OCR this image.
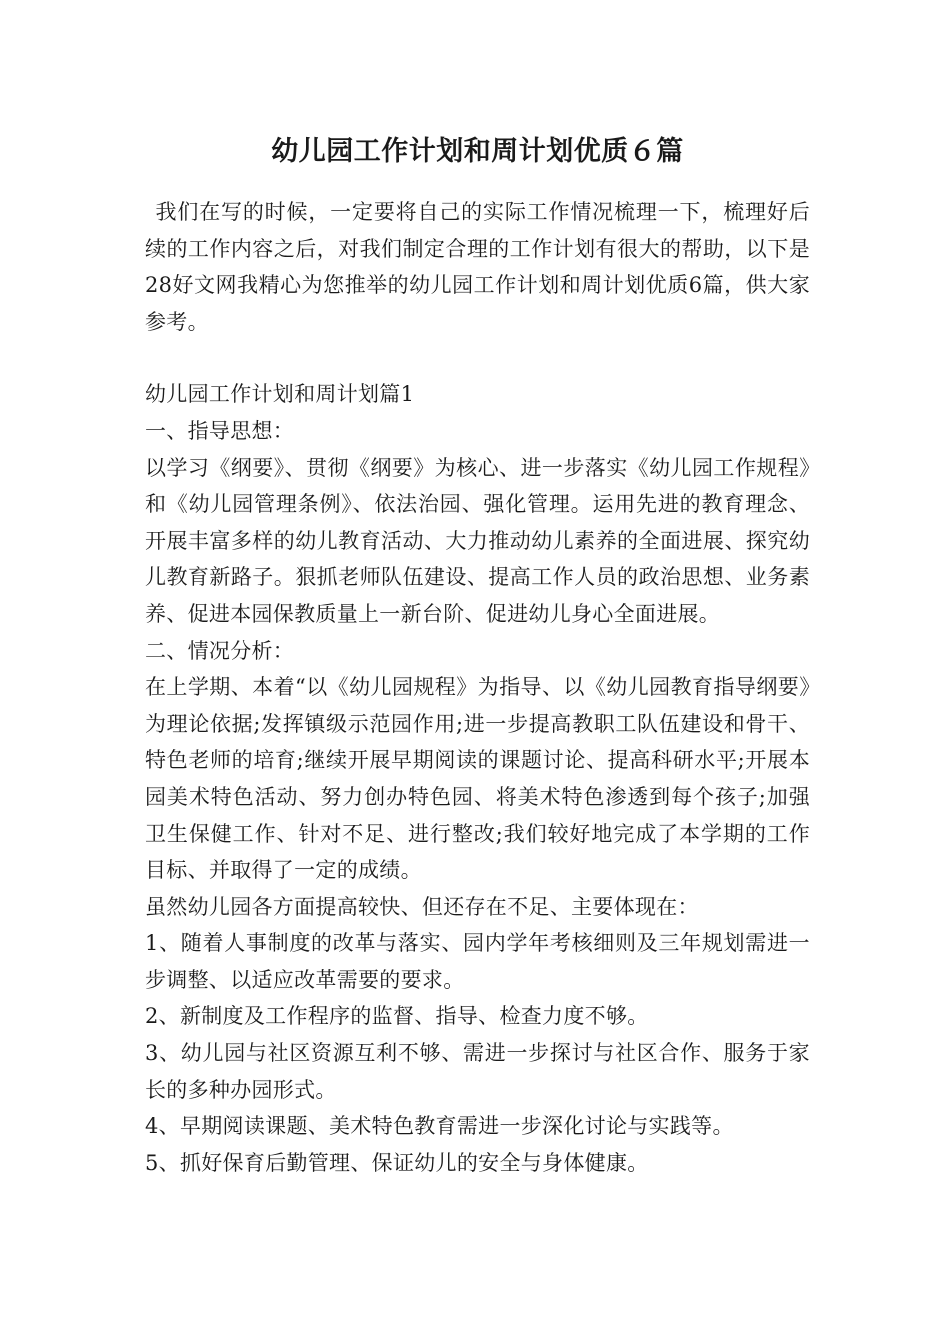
幼儿园工作计划和周计划优质６篇

我们在写的时候，一定要将自己的实际工作情况梳理一下，梳理好后续的工作内容之后，对我们制定合理的工作计划有很大的帮助，以下是28好文网我精心为您推举的幼儿园工作计划和周计划优质6篇，供大家参考。

幼儿园工作计划和周计划篇1

一、指导思想：

以学习《纲要》、贯彻《纲要》为核心、进一步落实《幼儿园工作规程》和《幼儿园管理条例》、依法治园、强化管理。运用先进的教育理念、开展丰富多样的幼儿教育活动、大力推动幼儿素养的全面进展、探究幼儿教育新路子。狠抓老师队伍建设、提高工作人员的政治思想、业务素养、促进本园保教质量上一新台阶、促进幼儿身心全面进展。

二、情况分析：

在上学期、本着“以《幼儿园规程》为指导、以《幼儿园教育指导纲要》为理论依据;发挥镇级示范园作用;进一步提高教职工队伍建设和骨干、特色老师的培育;继续开展早期阅读的课题讨论、提高科研水平;开展本园美术特色活动、努力创办特色园、将美术特色渗透到每个孩子;加强卫生保健工作、针对不足、进行整改;我们较好地完成了本学期的工作目标、并取得了一定的成绩。

虽然幼儿园各方面提高较快、但还存在不足、主要体现在：

1、随着人事制度的改革与落实、园内学年考核细则及三年规划需进一步调整、以适应改革需要的要求。

2、新制度及工作程序的监督、指导、检查力度不够。

3、幼儿园与社区资源互利不够、需进一步探讨与社区合作、服务于家长的多种办园形式。

4、早期阅读课题、美术特色教育需进一步深化讨论与实践等。

5、抓好保育后勤管理、保证幼儿的安全与身体健康。
